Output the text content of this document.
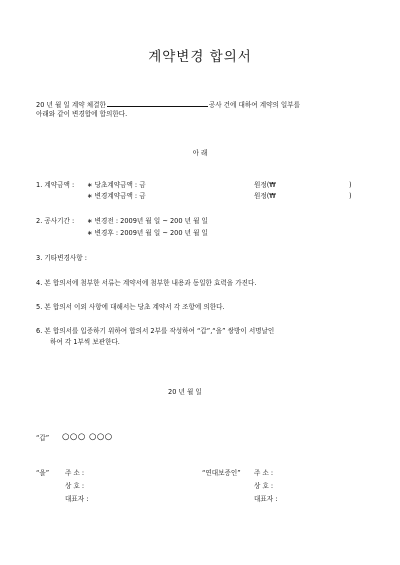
계약변경 합의서
20 년 월 일 계약 체결한	공사 건에 대하여 계약의 일부를
아래와 같이 변경합에 합의한다.
아 래
1. 계약금액 : ∗ 당초계약금액 : 금	원정(₩	)
∗ 변경계약금액 : 금	원정(₩	)
2. 공사기간 : ∗ 변경전 : 2009년 월 일 ~ 200 년 월 일
∗ 변경후 : 2009년 월 일 ~ 200 년 월 일
3. 기타변경사항 :
4. 본 합의서에 첨부한 서류는 계약서에 첨부한 내용과 동일한 효력을 가진다.
5. 본 합의서 이외 사항에 대해서는 당초 계약서 각 조항에 의한다.
6. 본 합의서를 입증하기 위하여 합의서 2부를 작성하여 “갑”,“을” 쌍방이 서명날인
하여 각 1부씩 보관한다.
20 년 월 일
“갑” ○○○ ○○○
“을” 주 소 :
상 호 :
대표자 :
“연대보증인” 주 소 :
상 호 :
대표자 :
